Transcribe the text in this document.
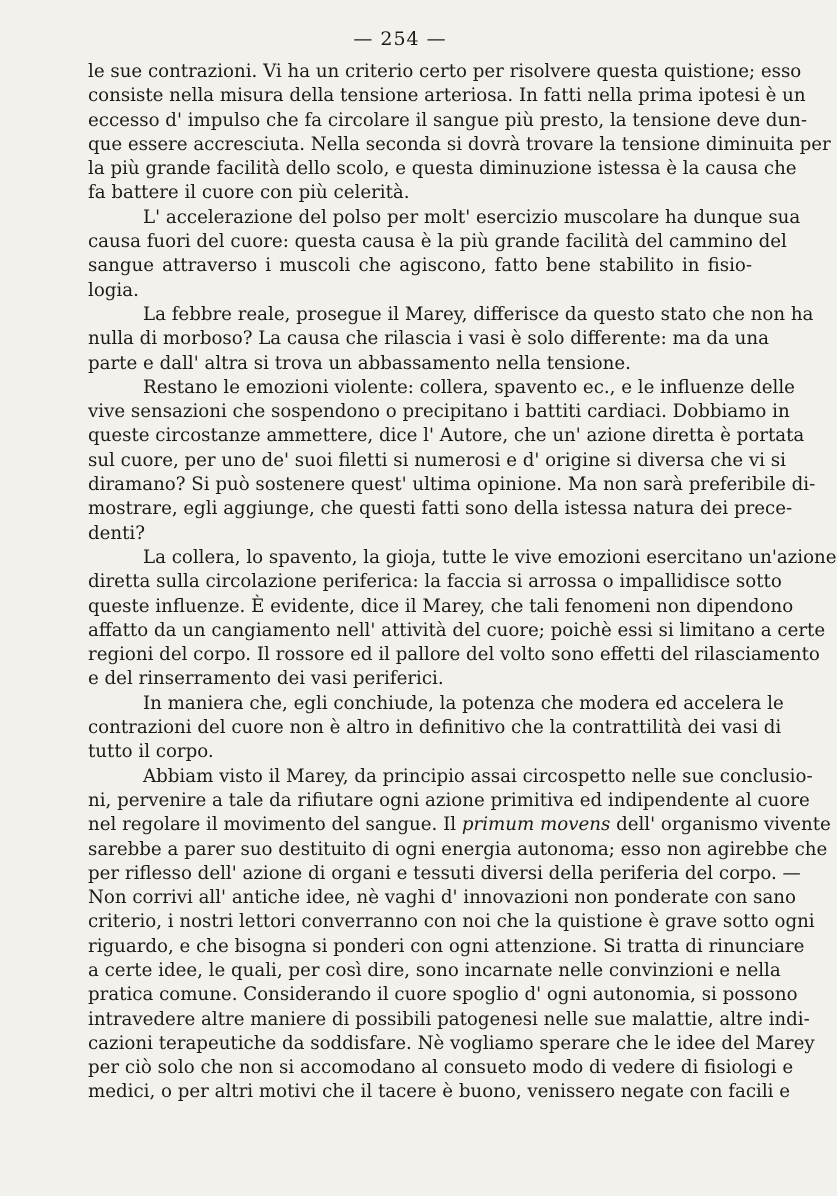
— 254 —
le sue contrazioni. Vi ha un criterio certo per risolvere questa quistione; esso
consiste nella misura della tensione arteriosa. In fatti nella prima ipotesi è un
eccesso d' impulso che fa circolare il sangue più presto, la tensione deve dun-
que essere accresciuta. Nella seconda si dovrà trovare la tensione diminuita per
la più grande facilità dello scolo, e questa diminuzione istessa è la causa che
fa battere il cuore con più celerità.
L' accelerazione del polso per molt' esercizio muscolare ha dunque sua
causa fuori del cuore: questa causa è la più grande facilità del cammino del
sangue attraverso i muscoli che agiscono, fatto bene stabilito in fisio-
logia.
La febbre reale, prosegue il Marey, differisce da questo stato che non ha
nulla di morboso? La causa che rilascia i vasi è solo differente: ma da una
parte e dall' altra si trova un abbassamento nella tensione.
Restano le emozioni violente: collera, spavento ec., e le influenze delle
vive sensazioni che sospendono o precipitano i battiti cardiaci. Dobbiamo in
queste circostanze ammettere, dice l' Autore, che un' azione diretta è portata
sul cuore, per uno de' suoi filetti si numerosi e d' origine si diversa che vi si
diramano? Si può sostenere quest' ultima opinione. Ma non sarà preferibile di-
mostrare, egli aggiunge, che questi fatti sono della istessa natura dei prece-
denti?
La collera, lo spavento, la gioja, tutte le vive emozioni esercitano un'azione
diretta sulla circolazione periferica: la faccia si arrossa o impallidisce sotto
queste influenze. È evidente, dice il Marey, che tali fenomeni non dipendono
affatto da un cangiamento nell' attività del cuore; poichè essi si limitano a certe
regioni del corpo. Il rossore ed il pallore del volto sono effetti del rilasciamento
e del rinserramento dei vasi periferici.
In maniera che, egli conchiude, la potenza che modera ed accelera le
contrazioni del cuore non è altro in definitivo che la contrattilità dei vasi di
tutto il corpo.
Abbiam visto il Marey, da principio assai circospetto nelle sue conclusio-
ni, pervenire a tale da rifiutare ogni azione primitiva ed indipendente al cuore
nel regolare il movimento del sangue. Il primum movens dell' organismo vivente
sarebbe a parer suo destituito di ogni energia autonoma; esso non agirebbe che
per riflesso dell' azione di organi e tessuti diversi della periferia del corpo. —
Non corrivi all' antiche idee, nè vaghi d' innovazioni non ponderate con sano
criterio, i nostri lettori converranno con noi che la quistione è grave sotto ogni
riguardo, e che bisogna si ponderi con ogni attenzione. Si tratta di rinunciare
a certe idee, le quali, per così dire, sono incarnate nelle convinzioni e nella
pratica comune. Considerando il cuore spoglio d' ogni autonomia, si possono
intravedere altre maniere di possibili patogenesi nelle sue malattie, altre indi-
cazioni terapeutiche da soddisfare. Nè vogliamo sperare che le idee del Marey
per ciò solo che non si accomodano al consueto modo di vedere di fisiologi e
medici, o per altri motivi che il tacere è buono, venissero negate con facili e
